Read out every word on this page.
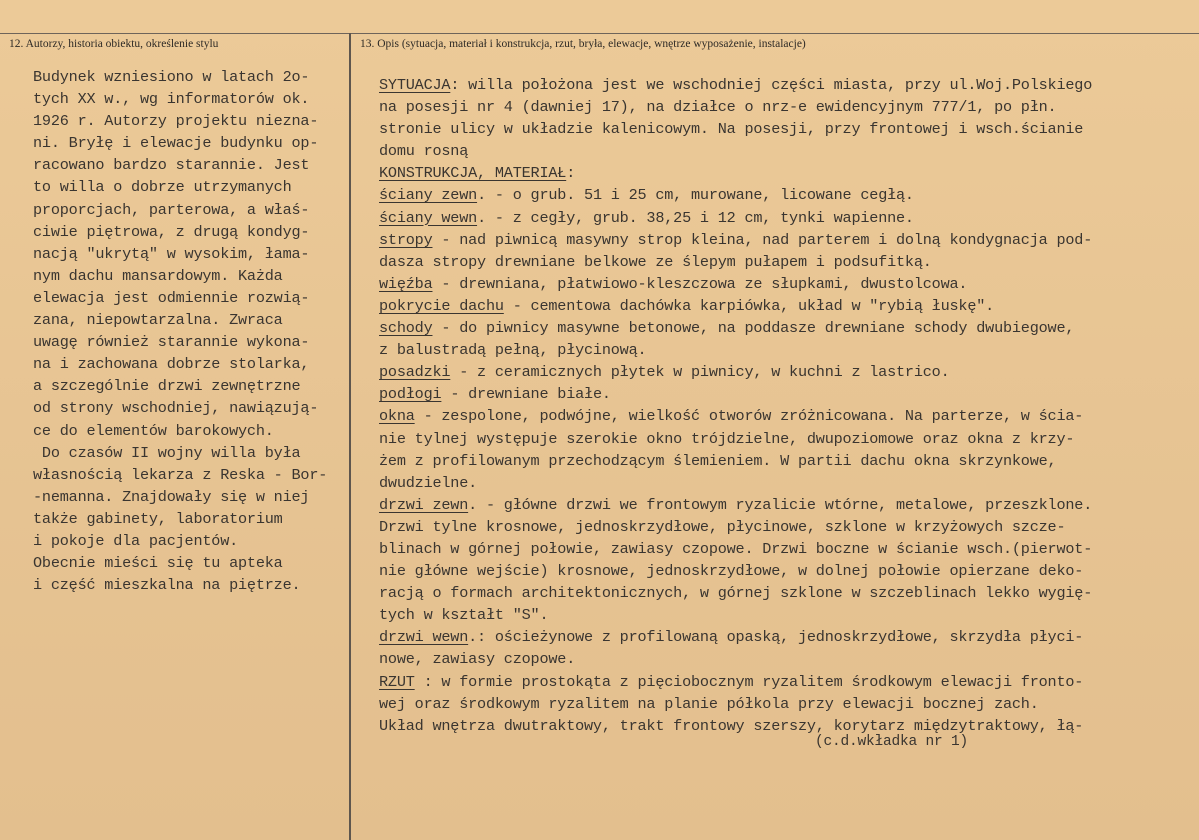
12. Autorzy, historia obiektu, określenie stylu	13. Opis (sytuacja, materiał i konstrukcja, rzut, bryła, elewacje, wnętrze wyposażenie, instalacje)
Budynek wzniesiono w latach 2o-
tych XX w., wg informatorów ok.
1926 r. Autorzy projektu nieznа-
ni. Bryłę i elewacje budynku op-
racowano bardzo starannie. Jest
to willa o dobrze utrzymanych
proporcjach, parterowa, a właś-
ciwie piętrowa, z drugą kondyg-
nacją "ukrytą" w wysokim, łama-
nym dachu mansardowym. Każda
elewacja jest odmiennie rozwią-
zana, niepowtarzalna. Zwraca
uwagę również starannie wykona-
na i zachowana dobrze stolarka,
a szczególnie drzwi zewnętrzne
od strony wschodniej, nawiązują-
ce do elementów barokowych.
Do czasów II wojny willa była
własnością lekarza z Reska - Bor-
-nemanna. Znajdowały się w niej
także gabinety, laboratorium
i pokoje dla pacjentów.
Obecnie mieści się tu apteka
i część mieszkalna na piętrze.
SYTUACJA: willa położona jest we wschodniej części miasta, przy ul.Woj.Polskiego
na posesji nr 4 (dawniej 17), na działce o nrz-e ewidencyjnym 777/1, po płn.
stronie ulicy w układzie kalenicowym. Na posesji, przy frontowej i wsch.ścianie
domu rosną
KONSTRUKCJA, MATERIAŁ:
ściany zewn. - o grub. 51 i 25 cm, murowane, licowane cegłą.
ściany wewn. - z cegły, grub. 38,25 i 12 cm, tynki wapienne.
stropy - nad piwnicą masywny strop kleina, nad parterem i dolną kondygnacja pod-
dasza stropy drewniane belkowe ze ślepym pułapem i podsufitką.
więźba - drewniana, płatwiowo-kleszczowa ze słupkami, dwustolcowa.
pokrycie dachu - cementowa dachówka karpiówka, układ w "rybią łuskę".
schody - do piwnicy masywne betonowe, na poddasze drewniane schody dwubiegowe,
z balustradą pełną, płycinową.
posadzki - z ceramicznych płytek w piwnicy, w kuchni z lastrico.
podłogi - drewniane białe.
okna - zespolone, podwójne, wielkość otworów zróżnicowana. Na parterze, w ścia-
nie tylnej występuje szerokie okno trójdzielne, dwupoziomowe oraz okna z krzy-
żem z profilowanym przechodzącym ślemieniem. W partii dachu okna skrzynkowe,
dwudzielne.
drzwi zewn. - główne drzwi we frontowym ryzalicie wtórne, metalowe, przeszklone.
Drzwi tylne krosnowe, jednoskrzydłowe, płycinowe, szklone w krzyżowych szcze-
blinach w górnej połowie, zawiasy czopowe. Drzwi boczne w ścianie wsch.(pierwot-
nie główne wejście) krosnowe, jednoskrzydłowe, w dolnej połowie opierzane deko-
racją o formach architektonicznych, w górnej szklone w szczeblinach lekko wygię-
tych w kształt "S".
drzwi wewn.: ościeżynowe z profilowaną opaską, jednoskrzydłowe, skrzydła płyci-
nowe, zawiasy czopowe.
RZUT : w formie prostokąta z pięciobocznym ryzalitem środkowym elewacji fronto-
wej oraz środkowym ryzalitem na planie półkola przy elewacji bocznej zach.
Układ wnętrza dwutraktowy, trakt frontowy szerszy, korytarz międzytraktowy, łą-
(c.d.wkładka nr 1)
